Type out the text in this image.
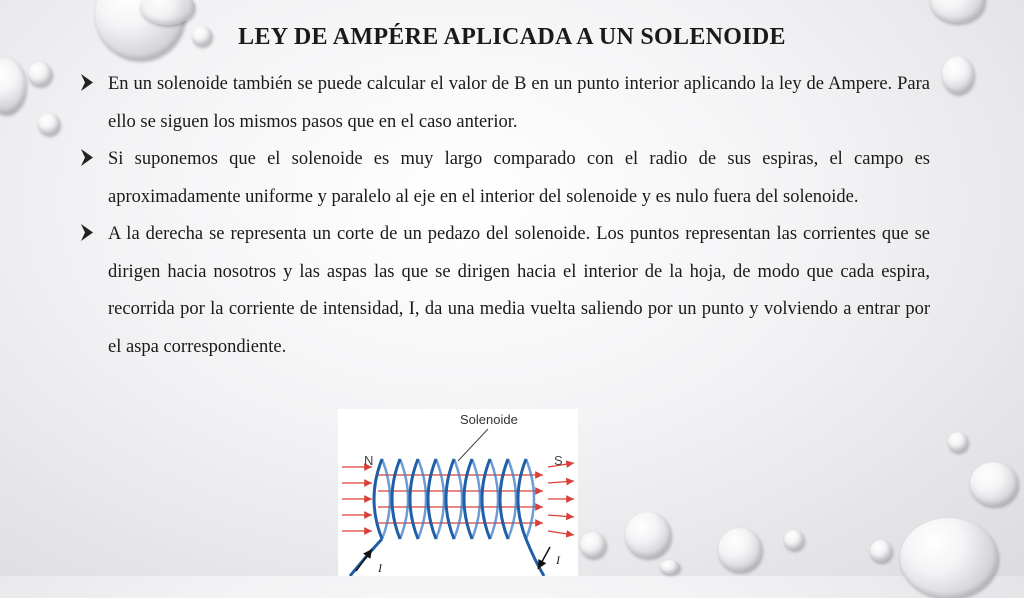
LEY DE AMPÉRE APLICADA A UN SOLENOIDE

En un solenoide también se puede calcular el valor de B en un punto interior aplicando la ley de Ampere. Para ello se siguen los mismos pasos que en el caso anterior.

Si suponemos que el solenoide es muy largo comparado con el radio de sus espiras, el campo es aproximadamente uniforme y paralelo al eje en el interior del solenoide y es nulo fuera del solenoide.

A la derecha se representa un corte de un pedazo del solenoide. Los puntos representan las corrientes que se dirigen hacia nosotros y las aspas las que se dirigen hacia el interior de la hoja, de modo que cada espira, recorrida por la corriente de intensidad, I, da una media vuelta saliendo por un punto y volviendo a entrar por el aspa correspondiente.

Solenoide
N	S
I
I
